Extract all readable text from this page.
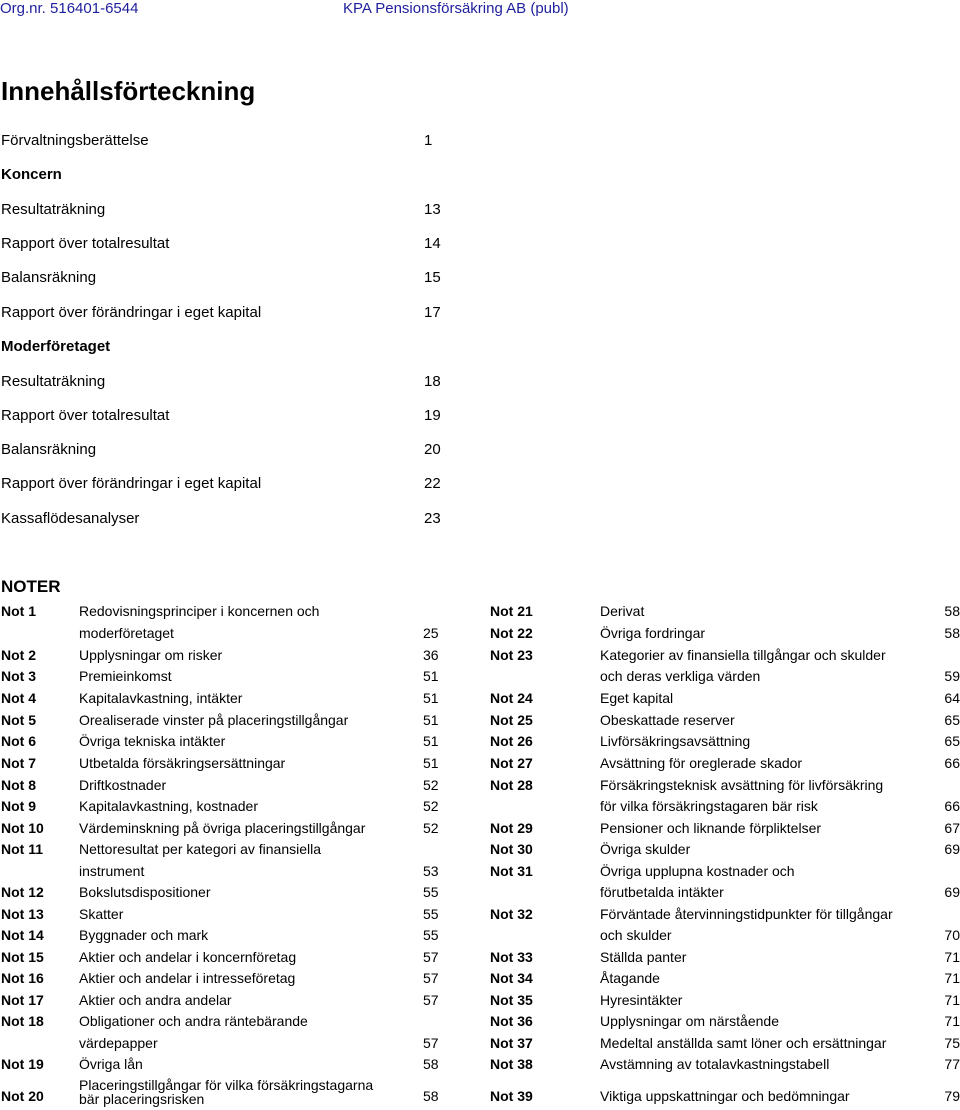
Org.nr. 516401-6544	KPA Pensionsförsäkring AB (publ)
Innehållsförteckning
Förvaltningsberättelse	1
Koncern
Resultaträkning	13
Rapport över totalresultat	14
Balansräkning	15
Rapport över förändringar i eget kapital	17
Moderföretaget
Resultaträkning	18
Rapport över totalresultat	19
Balansräkning	20
Rapport över förändringar i eget kapital	22
Kassaflödesanalyser	23
NOTER
Not 1	Redovisningsprinciper i koncernen och
moderföretaget	25
Not 2	Upplysningar om risker	36
Not 3	Premieinkomst	51
Not 4	Kapitalavkastning, intäkter	51
Not 5	Orealiserade vinster på placeringstillgångar	51
Not 6	Övriga tekniska intäkter	51
Not 7	Utbetalda försäkringsersättningar	51
Not 8	Driftkostnader	52
Not 9	Kapitalavkastning, kostnader	52
Not 10	Värdeminskning på övriga placeringstillgångar	52
Not 11	Nettoresultat per kategori av finansiella
instrument	53
Not 12	Bokslutsdispositioner	55
Not 13	Skatter	55
Not 14	Byggnader och mark	55
Not 15	Aktier och andelar i koncernföretag	57
Not 16	Aktier och andelar i intresseföretag	57
Not 17	Aktier och andra andelar	57
Not 18	Obligationer och andra räntebärande
värdepapper	57
Not 19	Övriga lån	58
Not 20
Placeringstillgångar för vilka försäkringstagarna
bär placeringsrisken	58
Not 21	Derivat	58
Not 22	Övriga fordringar	58
Not 23	Kategorier av finansiella tillgångar och skulder
och deras verkliga värden	59
Not 24	Eget kapital	64
Not 25	Obeskattade reserver	65
Not 26	Livförsäkringsavsättning	65
Not 27	Avsättning för oreglerade skador	66
Not 28	Försäkringsteknisk avsättning för livförsäkring
för vilka försäkringstagaren bär risk	66
Not 29	Pensioner och liknande förpliktelser	67
Not 30	Övriga skulder	69
Not 31	Övriga upplupna kostnader och
förutbetalda intäkter	69
Not 32	Förväntade återvinningstidpunkter för tillgångar
och skulder	70
Not 33	Ställda panter	71
Not 34	Åtagande	71
Not 35	Hyresintäkter	71
Not 36	Upplysningar om närstående	71
Not 37	Medeltal anställda samt löner och ersättningar	75
Not 38	Avstämning av totalavkastningstabell	77
Not 39	Viktiga uppskattningar och bedömningar	79
